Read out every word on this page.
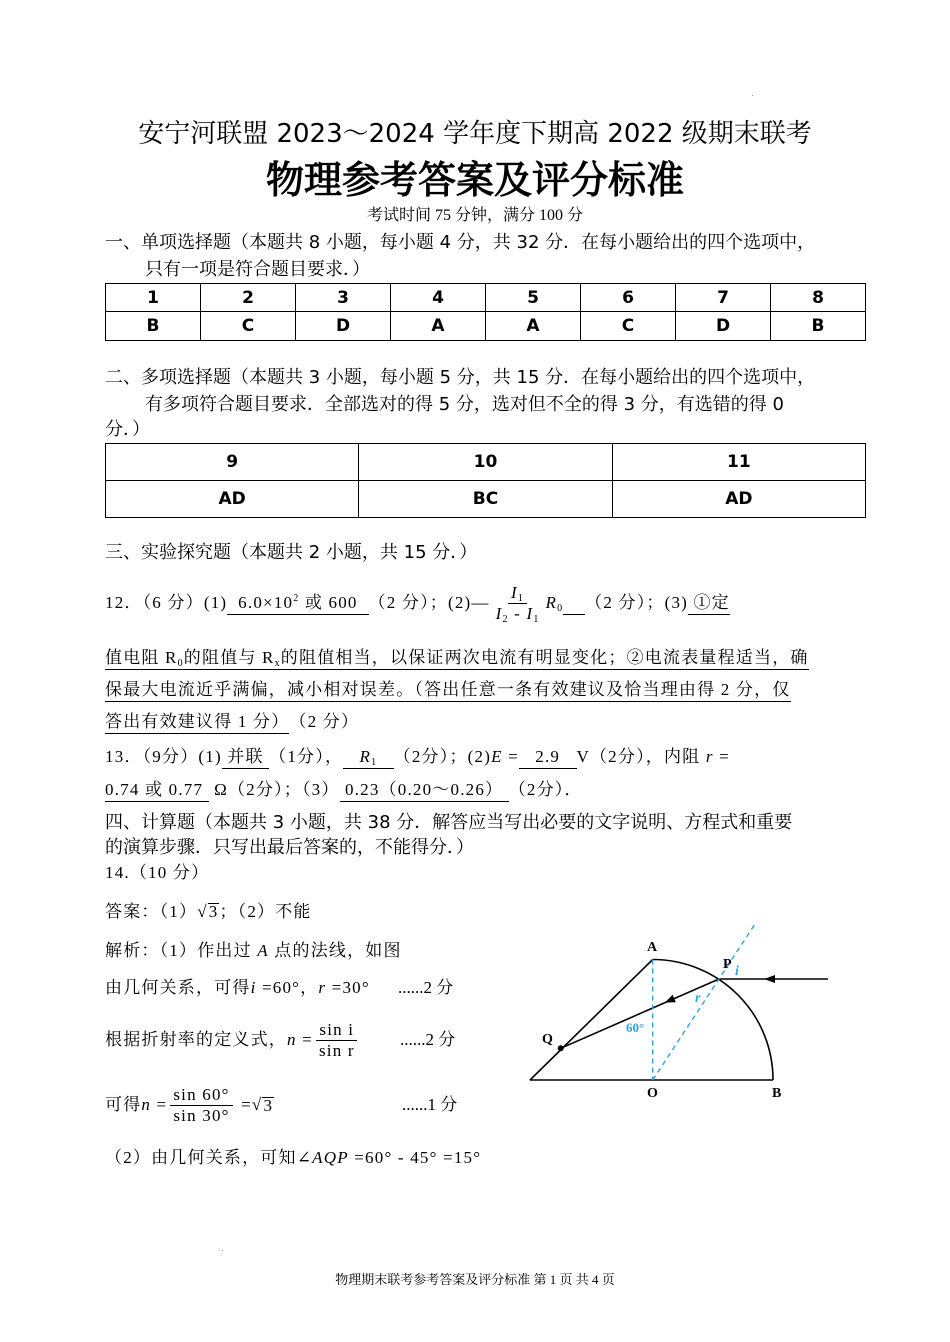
安宁河联盟 2023～2024 学年度下期高 2022 级期末联考
物理参考答案及评分标准
考试时间 75 分钟，满分 100 分
一、单项选择题（本题共 8 小题，每小题 4 分，共 32 分．在每小题给出的四个选项中，
只有一项是符合题目要求．）
1	2	3	4	5	6	7	8
B	C	D	A	A	C	D	B
二、多项选择题（本题共 3 小题，每小题 5 分，共 15 分．在每小题给出的四个选项中，
有多项符合题目要求．全部选对的得 5 分，选对但不全的得 3 分，有选错的得 0
分．）
9	10	11
AD	BC	AD
三、实验探究题（本题共 2 小题，共 15 分．）
12．（6 分）(1) $6.0\times 10^2$ 或 600 （2 分）；(2) — $\frac{I_1}{I_2 - I_1} R_0$
（2 分）；(3) ①定
值电阻 $R_0$的阻值与 $R_x$的阻值相当，以保证两次电流有明显变化；②电流表量程适当，确
保最大电流近乎满偏，减小相对误差。（答出任意一条有效建议及恰当理由得 2 分，仅
答出有效建议得 1 分） （2 分）
13．（9分）(1) 并联 （1分）， $R_1$ （2分）；(2) E = 2.9 V（2分），内阻 r =
0.74 或 0.77 Ω（2分）；（3） 0.23（0.20～0.26） （2分）．
四、计算题（本题共 3 小题，共 38 分．解答应当写出必要的文字说明、方程式和重要
的演算步骤．只写出最后答案的，不能得分．）
14.（10 分）
答案：（1） √ 3 ；（2）不能
解析：（1）作出过 A 点的法线，如图
由几何关系，可得 i =60°， r =30° ......2 分
根据折射率的定义式， $n = \frac{\text{sin i}}{\text{sin r}} ......2$ 分
可得 $n = \frac{\sin 60^\circ}{\sin 30^\circ}$ = √ 3	......1 分
（2）由几何关系，可知 ∠ AQP =60° - 45° =15°
A
P
Q
O	B
i
r
60°
物理期末联考参考答案及评分标准 第 1 页 共 4 页
